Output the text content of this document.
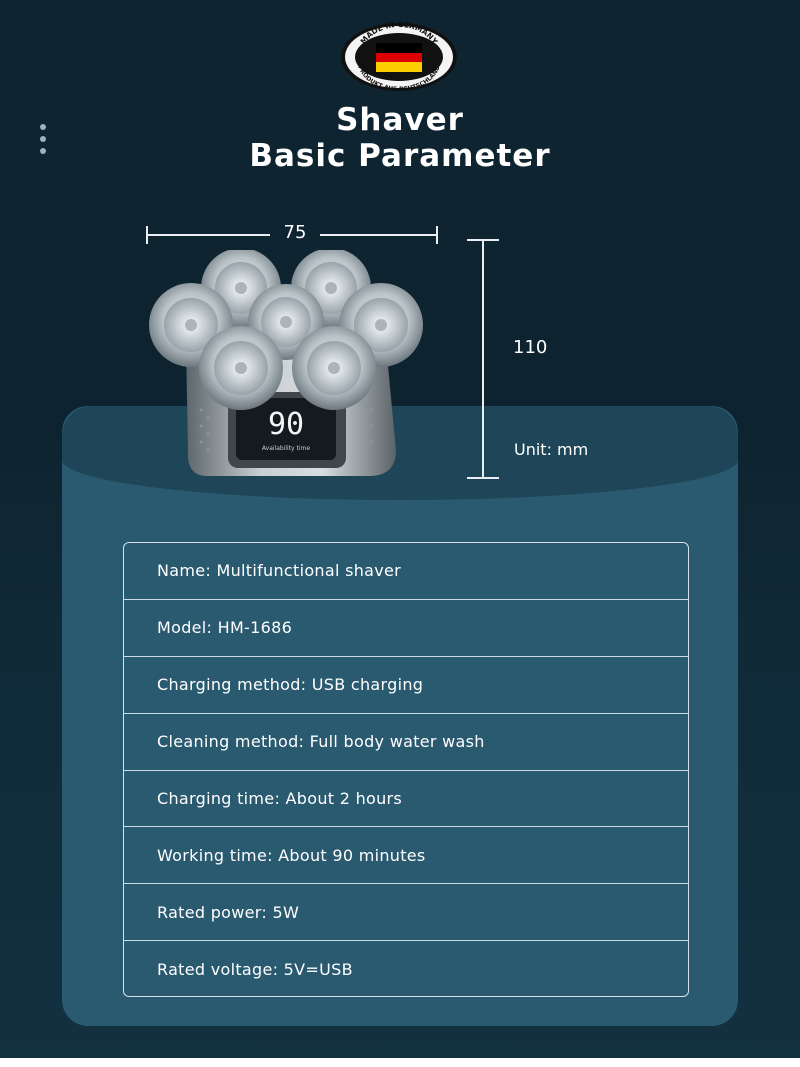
MADE IN GERMANY
PRODUKT AUS DEUTSCHLAND
Shaver
Basic Parameter
75
110
Unit: mm
90
Availability time
Name: Multifunctional shaver
Model: HM-1686
Charging method: USB charging
Cleaning method: Full body water wash
Charging time: About 2 hours
Working time: About 90 minutes
Rated power: 5W
Rated voltage: 5V=USB
